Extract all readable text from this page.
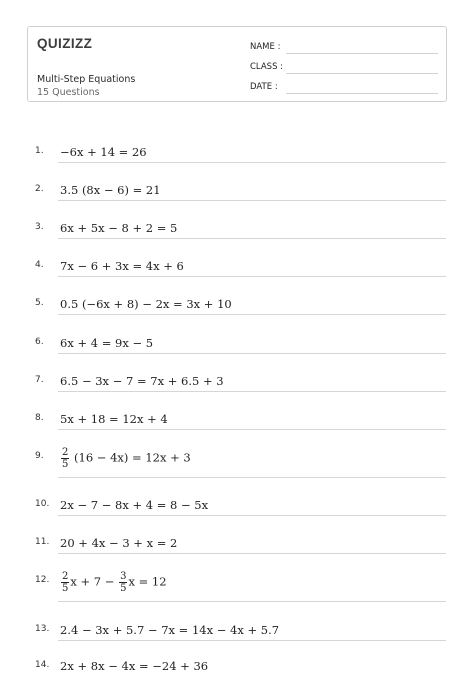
QUIZIZZ
Multi-Step Equations
15 Questions
NAME :
CLASS :
DATE :
1. −6x + 14 = 26
2. 3.5 (8x − 6) = 21
3. 6x + 5x − 8 + 2 = 5
4. 7x − 6 + 3x = 4x + 6
5. 0.5 (−6x + 8) − 2x = 3x + 10
6. 6x + 4 = 9x − 5
7. 6.5 − 3x − 7 = 7x + 6.5 + 3
8. 5x + 18 = 12x + 4
9. $\frac{2}{5} (16 - 4x) = 12x + 3$
10. 2x − 7 − 8x + 4 = 8 − 5x
11. 20 + 4x − 3 + x = 2
12. $\frac{2}{5}$ $x + 7 - \frac{3}{5}$ x = 12
13. 2.4 − 3x + 5.7 − 7x = 14x − 4x + 5.7
14. 2x + 8x − 4x = −24 + 36
